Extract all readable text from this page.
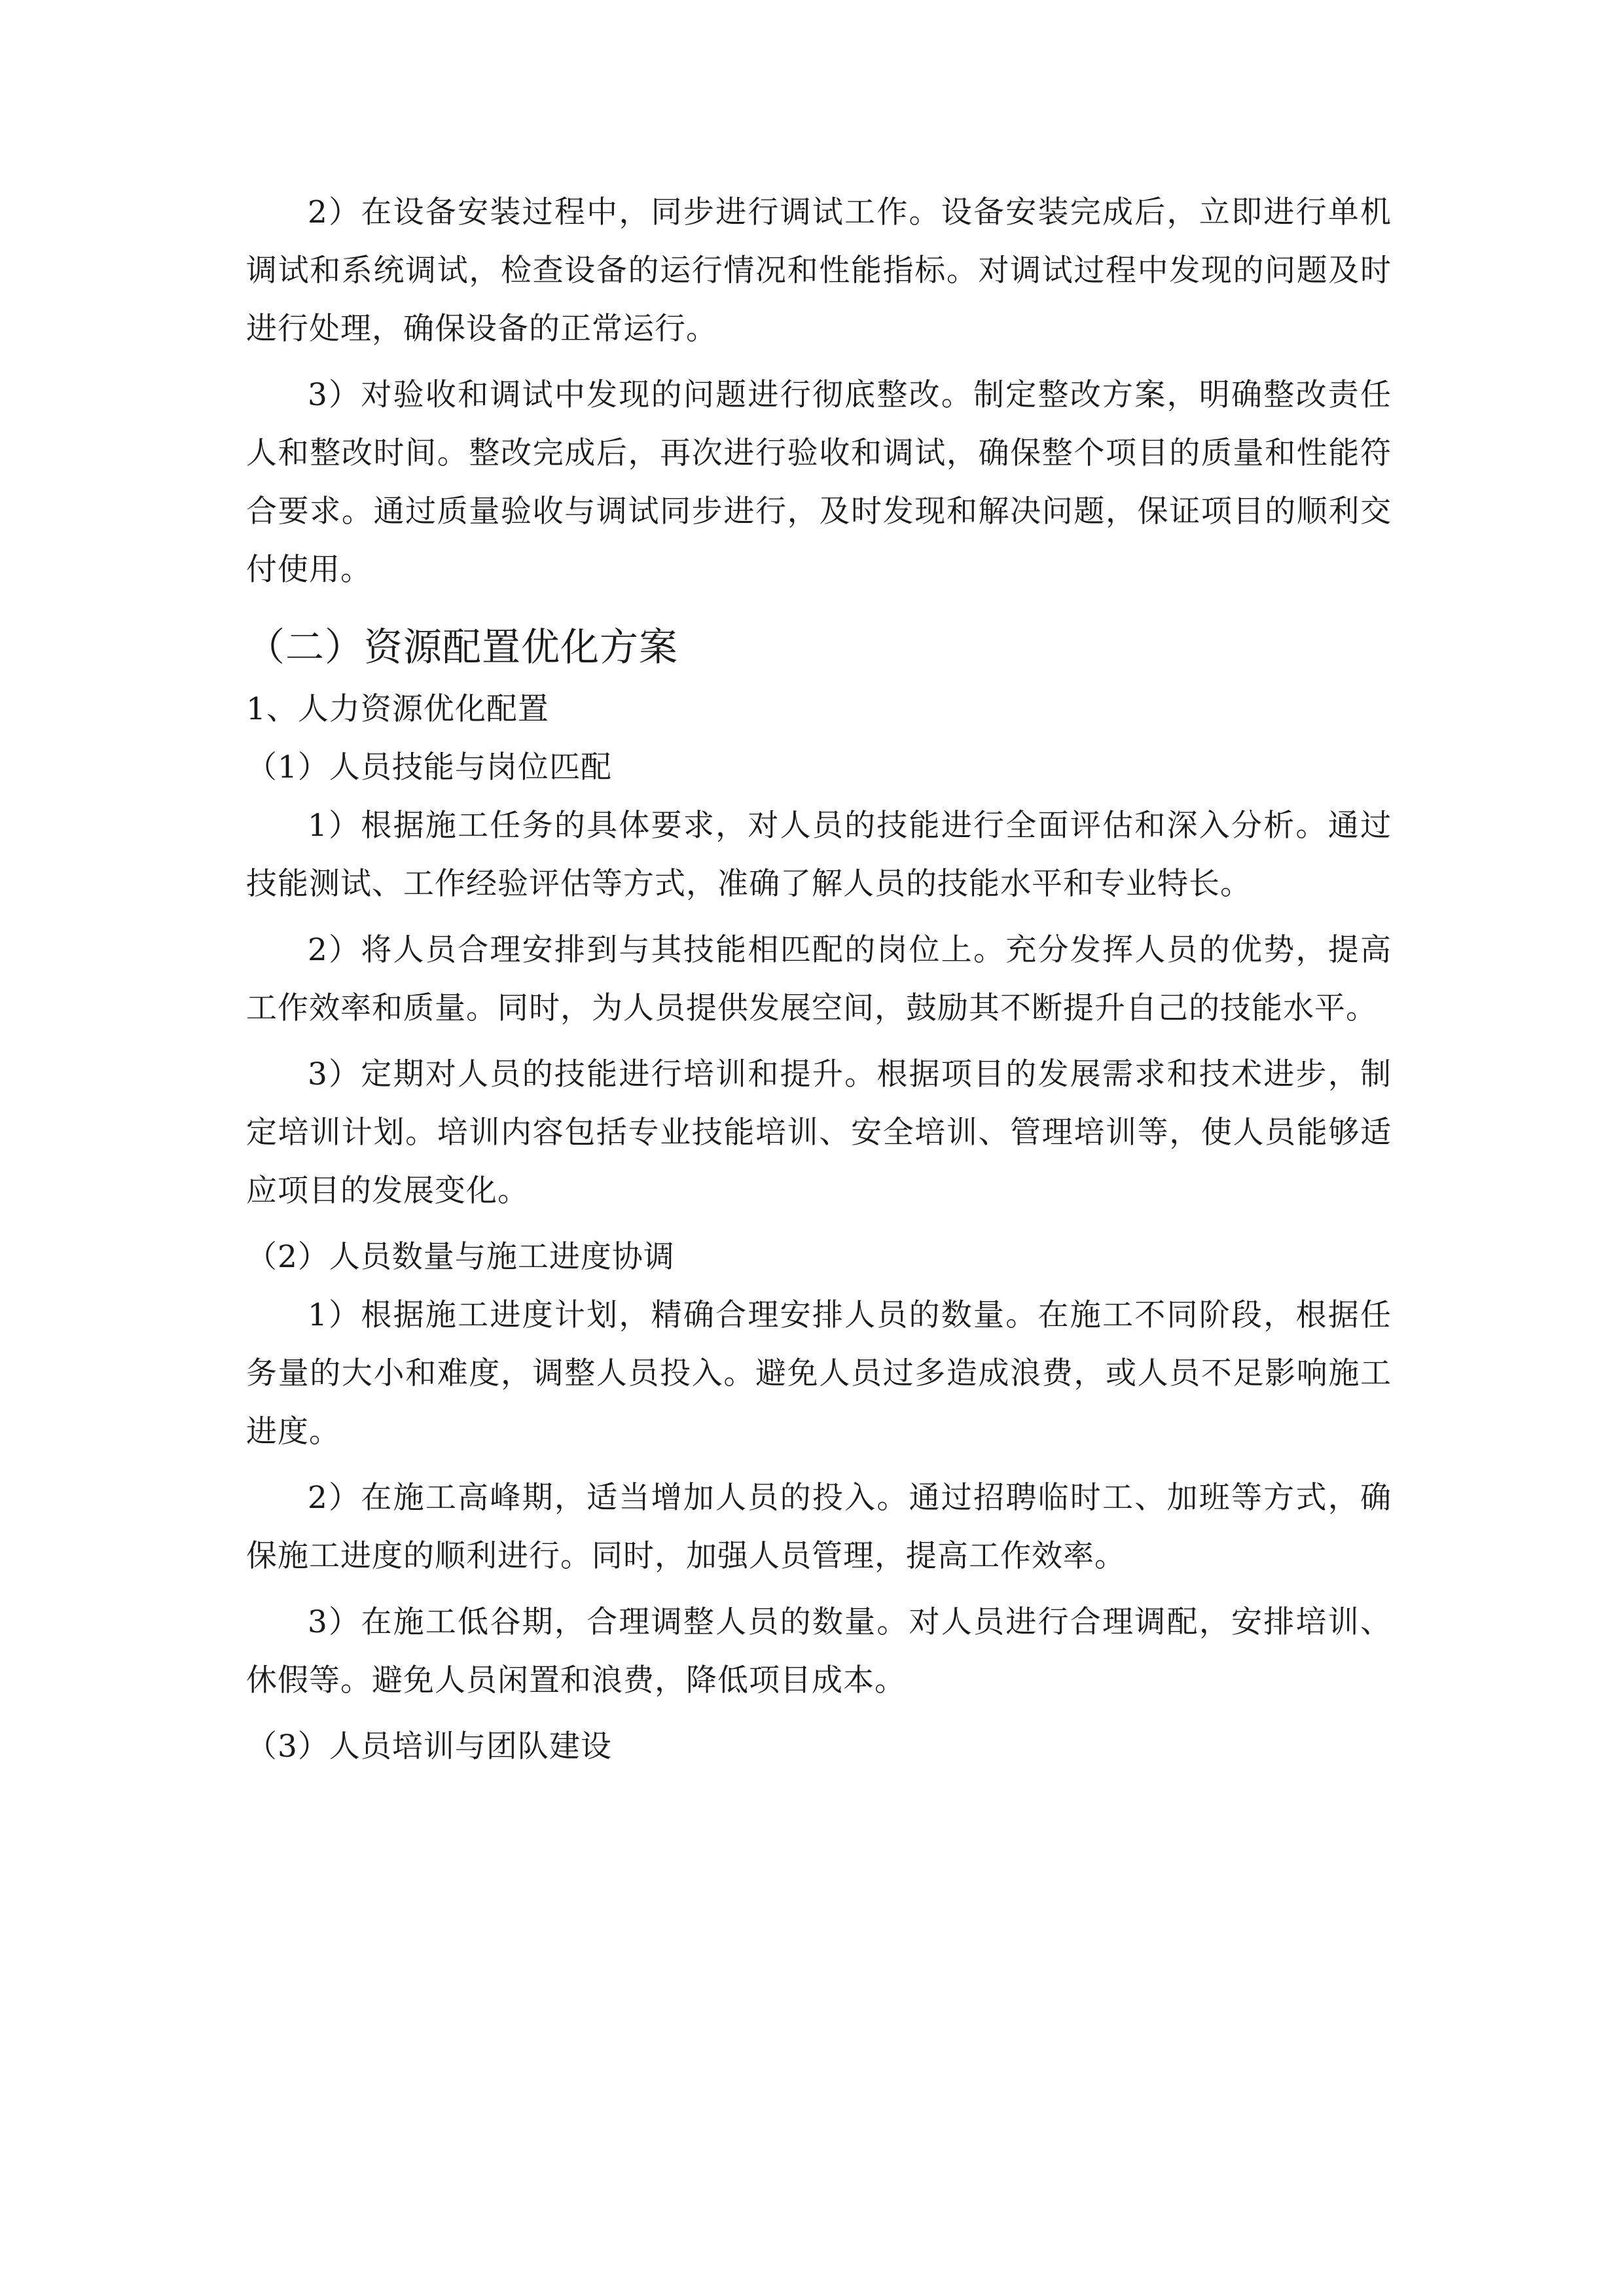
2）在设备安装过程中，同步进行调试工作。设备安装完成后，立即进行单机调试和系统调试，检查设备的运行情况和性能指标。对调试过程中发现的问题及时进行处理，确保设备的正常运行。

3）对验收和调试中发现的问题进行彻底整改。制定整改方案，明确整改责任人和整改时间。整改完成后，再次进行验收和调试，确保整个项目的质量和性能符合要求。通过质量验收与调试同步进行，及时发现和解决问题，保证项目的顺利交付使用。

（二）资源配置优化方案
1、人力资源优化配置
（1）人员技能与岗位匹配

1）根据施工任务的具体要求，对人员的技能进行全面评估和深入分析。通过技能测试、工作经验评估等方式，准确了解人员的技能水平和专业特长。

2）将人员合理安排到与其技能相匹配的岗位上。充分发挥人员的优势，提高工作效率和质量。同时，为人员提供发展空间，鼓励其不断提升自己的技能水平。

3）定期对人员的技能进行培训和提升。根据项目的发展需求和技术进步，制定培训计划。培训内容包括专业技能培训、安全培训、管理培训等，使人员能够适应项目的发展变化。

（2）人员数量与施工进度协调

1）根据施工进度计划，精确合理安排人员的数量。在施工不同阶段，根据任务量的大小和难度，调整人员投入。避免人员过多造成浪费，或人员不足影响施工进度。

2）在施工高峰期，适当增加人员的投入。通过招聘临时工、加班等方式，确保施工进度的顺利进行。同时，加强人员管理，提高工作效率。

3）在施工低谷期，合理调整人员的数量。对人员进行合理调配，安排培训、休假等。避免人员闲置和浪费，降低项目成本。

（3）人员培训与团队建设
